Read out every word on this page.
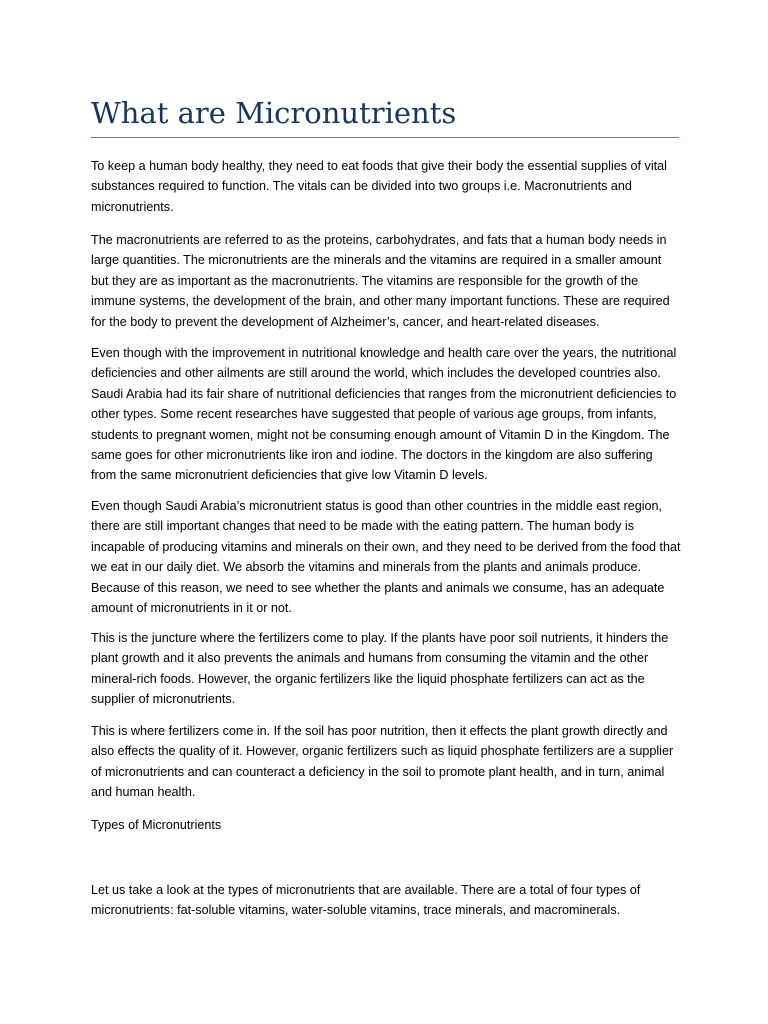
What are Micronutrients

To keep a human body healthy, they need to eat foods that give their body the essential supplies of vital substances required to function. The vitals can be divided into two groups i.e. Macronutrients and micronutrients.

The macronutrients are referred to as the proteins, carbohydrates, and fats that a human body needs in large quantities. The micronutrients are the minerals and the vitamins are required in a smaller amount but they are as important as the macronutrients. The vitamins are responsible for the growth of the immune systems, the development of the brain, and other many important functions. These are required for the body to prevent the development of Alzheimer’s, cancer, and heart-related diseases.

Even though with the improvement in nutritional knowledge and health care over the years, the nutritional deficiencies and other ailments are still around the world, which includes the developed countries also. Saudi Arabia had its fair share of nutritional deficiencies that ranges from the micronutrient deficiencies to other types. Some recent researches have suggested that people of various age groups, from infants, students to pregnant women, might not be consuming enough amount of Vitamin D in the Kingdom. The same goes for other micronutrients like iron and iodine. The doctors in the kingdom are also suffering from the same micronutrient deficiencies that give low Vitamin D levels.

Even though Saudi Arabia’s micronutrient status is good than other countries in the middle east region, there are still important changes that need to be made with the eating pattern. The human body is incapable of producing vitamins and minerals on their own, and they need to be derived from the food that we eat in our daily diet. We absorb the vitamins and minerals from the plants and animals produce. Because of this reason, we need to see whether the plants and animals we consume, has an adequate amount of micronutrients in it or not.

This is the juncture where the fertilizers come to play. If the plants have poor soil nutrients, it hinders the plant growth and it also prevents the animals and humans from consuming the vitamin and the other mineral-rich foods. However, the organic fertilizers like the liquid phosphate fertilizers can act as the supplier of micronutrients.

This is where fertilizers come in. If the soil has poor nutrition, then it effects the plant growth directly and also effects the quality of it. However, organic fertilizers such as liquid phosphate fertilizers are a supplier of micronutrients and can counteract a deficiency in the soil to promote plant health, and in turn, animal and human health.

Types of Micronutrients

Let us take a look at the types of micronutrients that are available. There are a total of four types of micronutrients: fat-soluble vitamins, water-soluble vitamins, trace minerals, and macrominerals.
